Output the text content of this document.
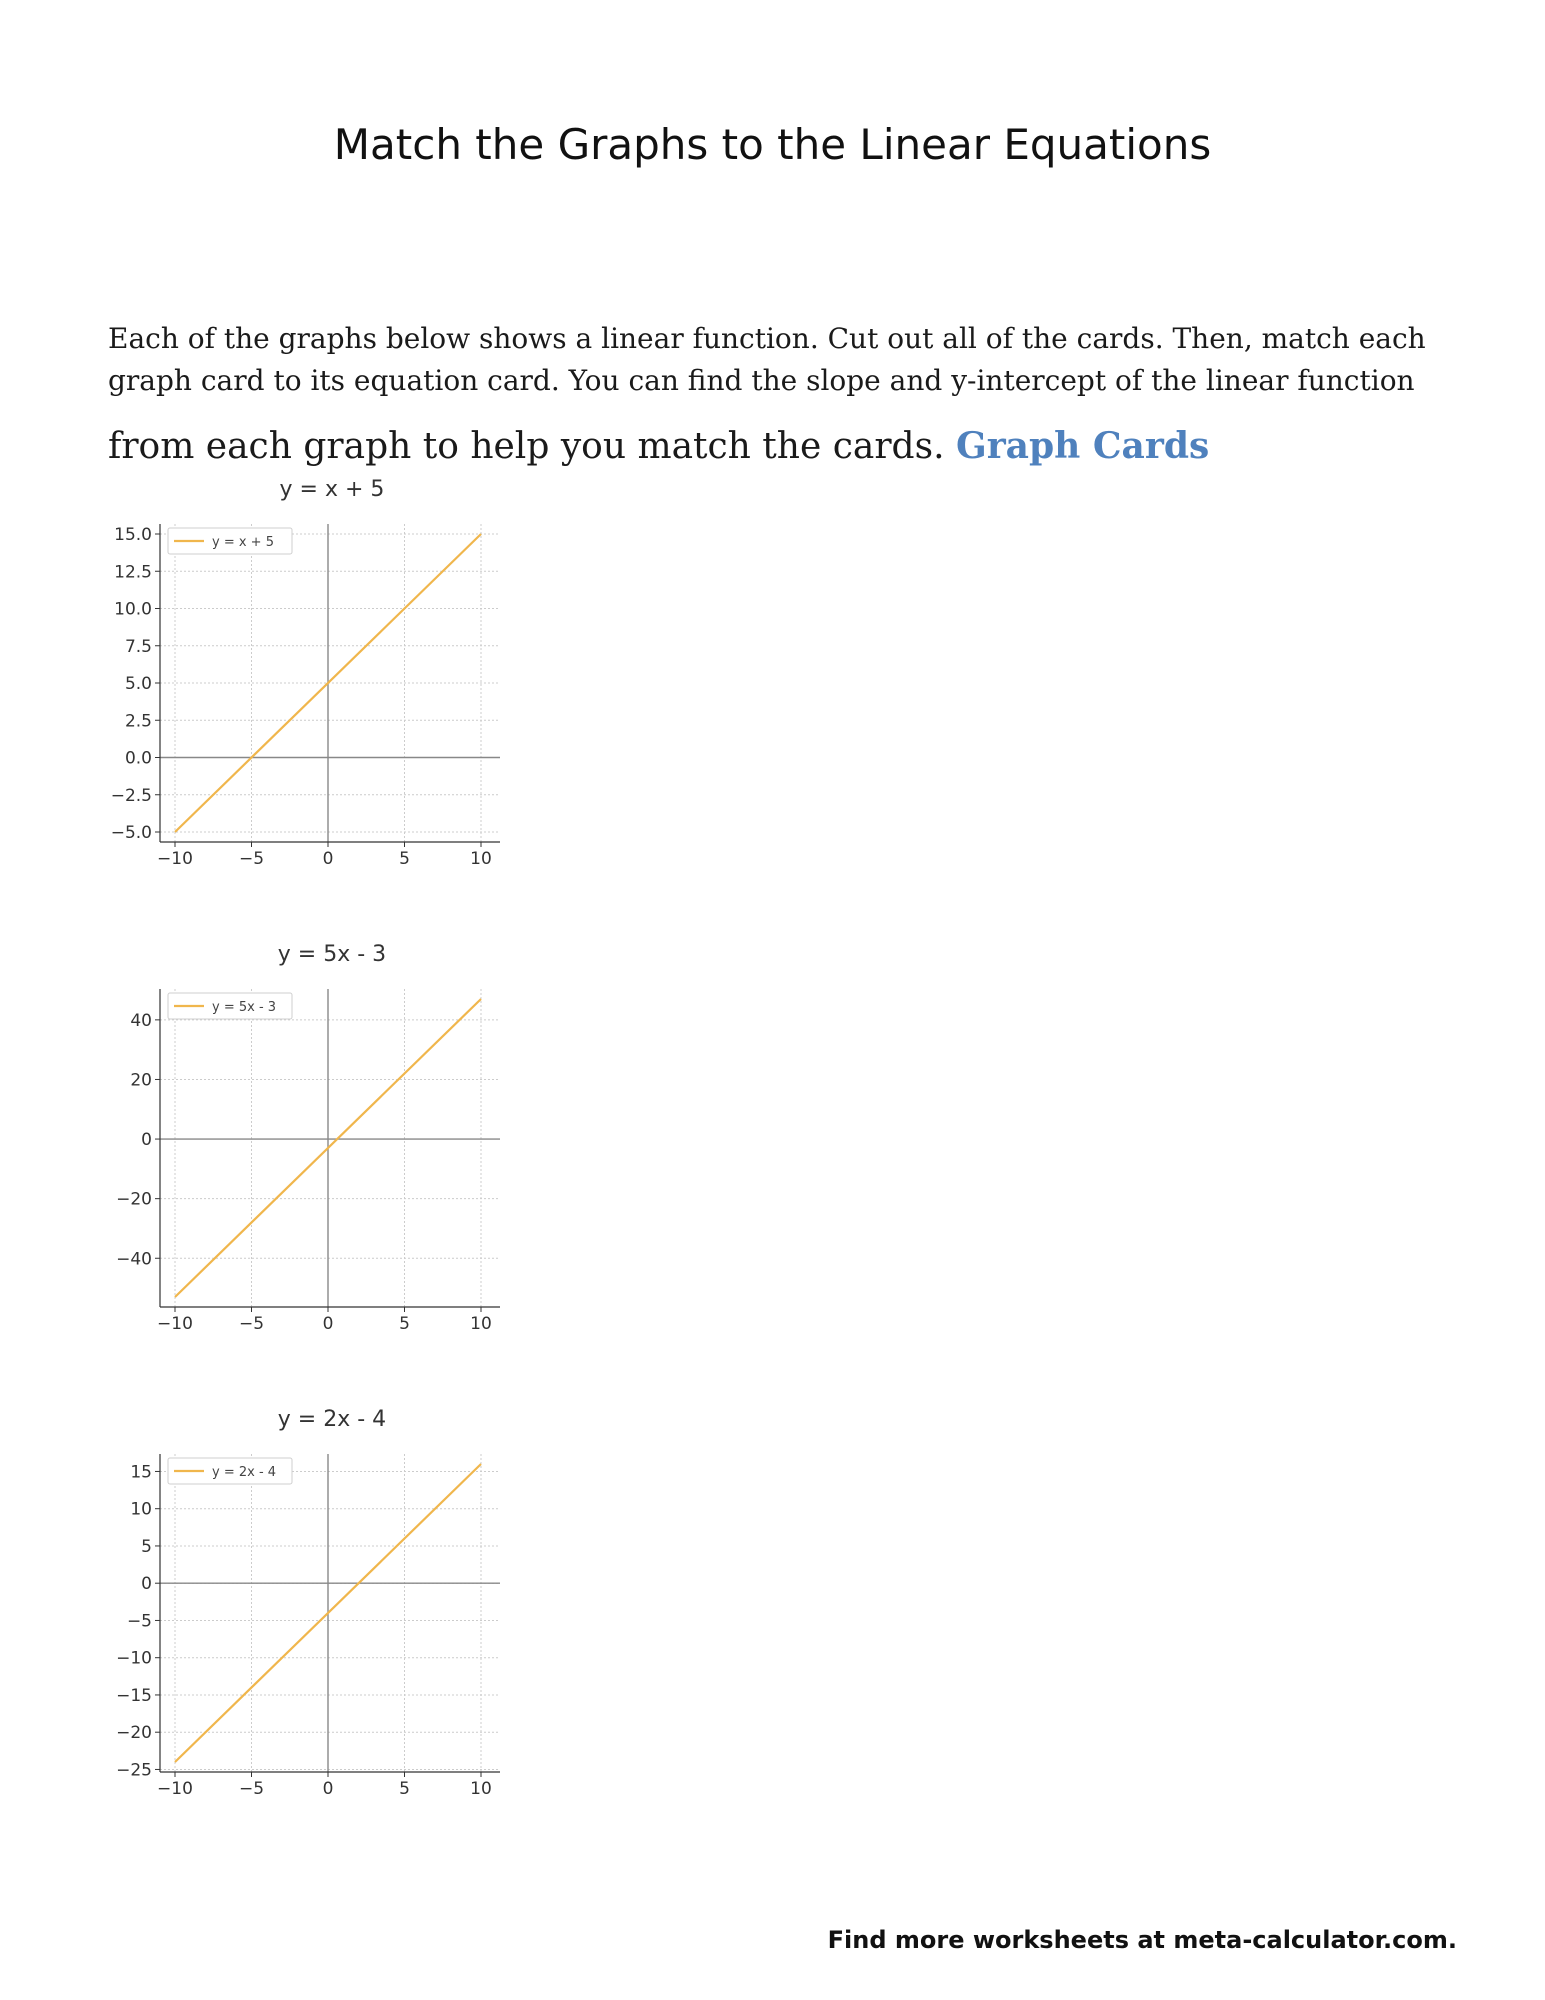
Match the Graphs to the Linear Equations

Each of the graphs below shows a linear function. Cut out all of the cards. Then, match each graph card to its equation card. You can find the slope and y-intercept of the linear function

from each graph to help you match the cards. Graph Cards

y = x + 5
−10	−5	0	5	10
15.0
12.5
10.0
7.5
5.0
2.5
0.0
−2.5
−5.0
y = x + 5
y = 5x - 3
−10	−5	0	5	10
40
20
0
−20
−40
y = 5x - 3
y = 2x - 4
−10	−5	0	5	10
15
10
5
0
−5
−10
−15
−20
−25
y = 2x - 4

Find more worksheets at meta-calculator.com.
